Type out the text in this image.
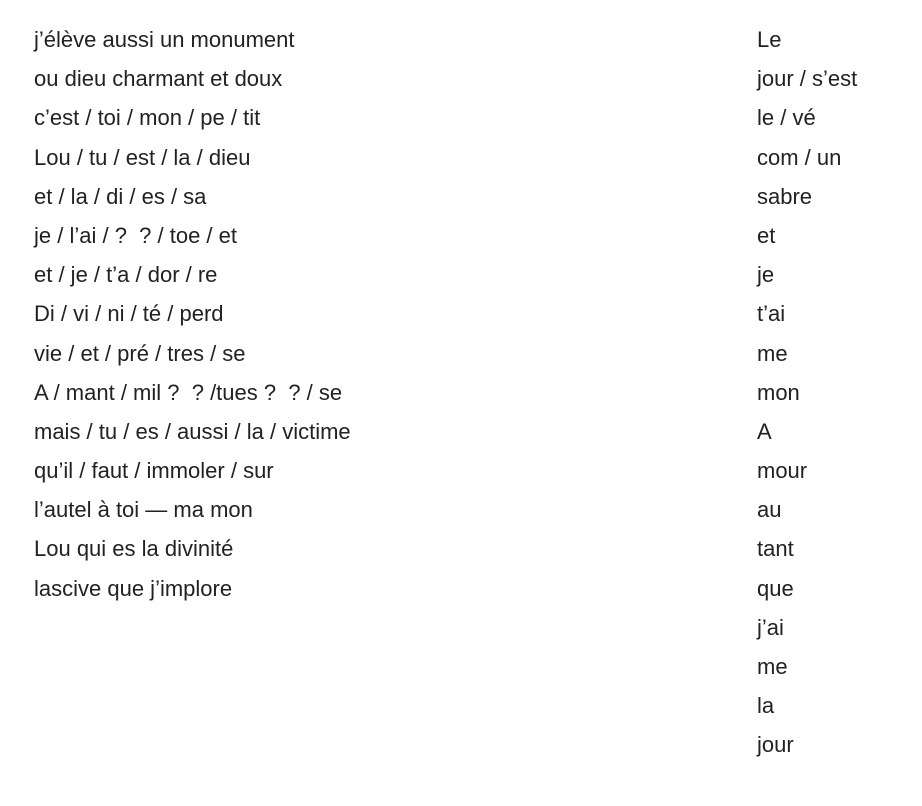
j’élève aussi un monument
ou dieu charmant et doux
c’est / toi / mon / pe / tit
Lou / tu / est / la / dieu
et / la / di / es / sa
je / l’ai / ?  ? / toe / et
et / je / t’a / dor / re
Di / vi / ni / té / perd
vie / et / pré / tres / se
A / mant / mil ?  ? /tues ?  ? / se
mais / tu / es / aussi / la / victime
qu’il / faut / immoler / sur
l’autel à toi — ma mon
Lou qui es la divinité
lascive que j’implore
Le
jour / s’est
le / vé
com / un
sabre
et
je
t’ai
me
mon
A
mour
au
tant
que
j’ai
me
la
jour
